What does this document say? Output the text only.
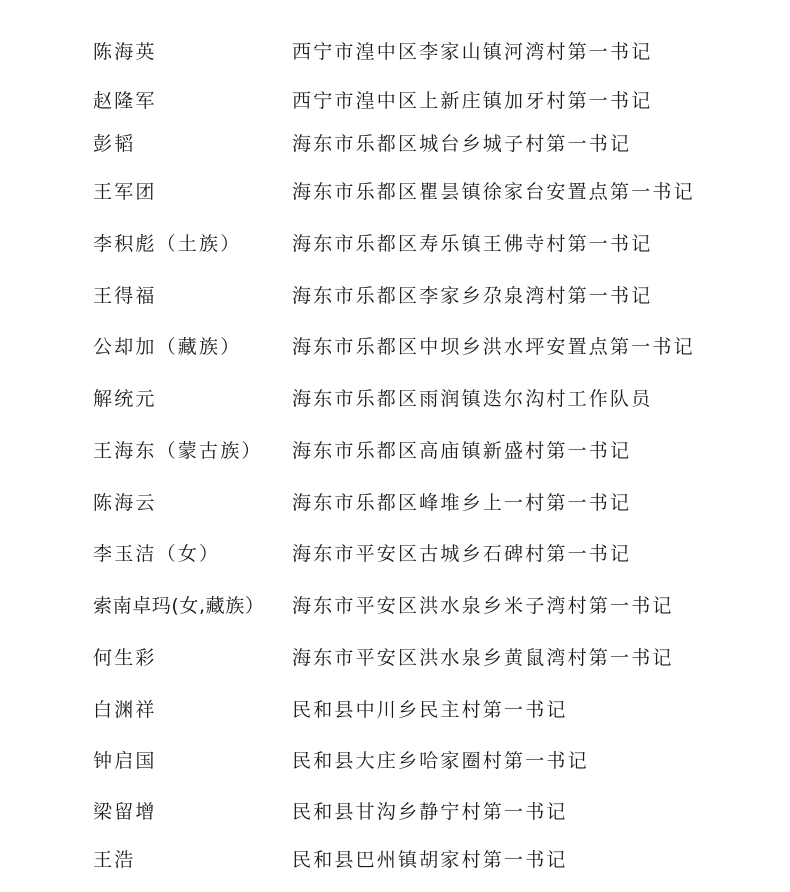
陈海英	西宁市湟中区李家山镇河湾村第一书记
赵隆军	西宁市湟中区上新庄镇加牙村第一书记
彭韬	海东市乐都区城台乡城子村第一书记
王军团	海东市乐都区瞿昙镇徐家台安置点第一书记
李积彪（土族）	海东市乐都区寿乐镇王佛寺村第一书记
王得福	海东市乐都区李家乡尕泉湾村第一书记
公却加（藏族）	海东市乐都区中坝乡洪水坪安置点第一书记
解统元	海东市乐都区雨润镇迭尔沟村工作队员
王海东（蒙古族） 海东市乐都区高庙镇新盛村第一书记
陈海云	海东市乐都区峰堆乡上一村第一书记
李玉洁（女）	海东市平安区古城乡石碑村第一书记
索南卓玛(女,藏族） 海东市平安区洪水泉乡米子湾村第一书记
何生彩	海东市平安区洪水泉乡黄鼠湾村第一书记
白渊祥	民和县中川乡民主村第一书记
钟启国	民和县大庄乡哈家圈村第一书记
梁留增	民和县甘沟乡静宁村第一书记
王浩	民和县巴州镇胡家村第一书记
